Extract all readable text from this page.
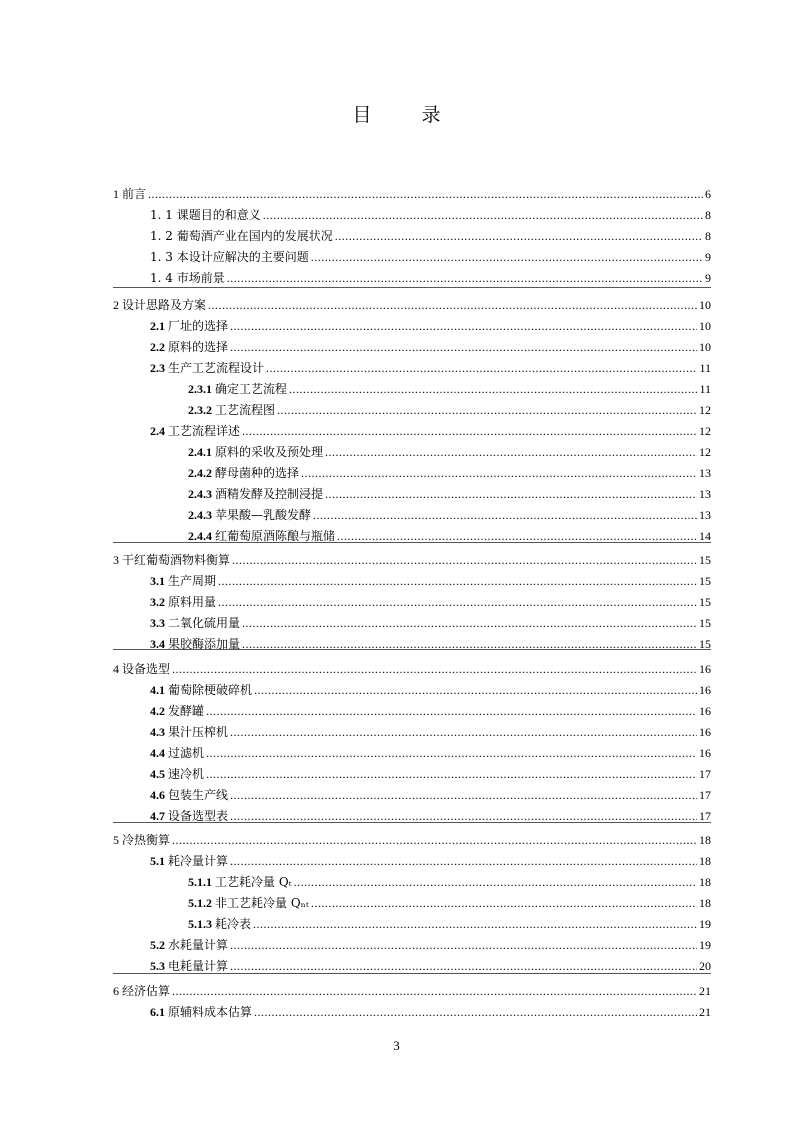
目 录
1 前言 .....	6
1. 1 课题目的和意义 .....	8
1. 2 葡萄酒产业在国内的发展状况 .....	8
1. 3 本设计应解决的主要问题 .....	9
1. 4 市场前景 .....	9
2 设计思路及方案 .....	10
2.1 厂址的选择 .....	10
2.2 原料的选择 .....	10
2.3 生产工艺流程设计 .....	11
2.3.1 确定工艺流程 .....	11
2.3.2 工艺流程图 .....	12
2.4 工艺流程详述 .....	12
2.4.1 原料的采收及预处理 .....	12
2.4.2 酵母菌种的选择 .....	13
2.4.3 酒精发酵及控制浸提 .....	13
2.4.3 苹果酸—乳酸发酵 .....	13
2.4.4 红葡萄原酒陈酿与瓶储 .....	14
3 干红葡萄酒物料衡算 .....	15
3.1 生产周期 .....	15
3.2 原料用量 .....	15
3.3 二氧化硫用量 .....	15
3.4 果胶酶添加量 .....	15
4 设备选型 .....	16
4.1 葡萄除梗破碎机 .....	16
4.2 发酵罐 .....	16
4.3 果汁压榨机 .....	16
4.4 过滤机 .....	16
4.5 速冷机 .....	17
4.6 包装生产线 .....	17
4.7 设备选型表 .....	17
5 冷热衡算 .....	18
5.1 耗冷量计算 .....	18
5.1.1 工艺耗冷量 Qₜ .....	18
5.1.2 非工艺耗冷量 Qₙₜ .....	18
5.1.3 耗冷表 .....	19
5.2 水耗量计算 .....	19
5.3 电耗量计算 .....	20
6 经济估算 .....	21
6.1 原辅料成本估算 .....	21
3
